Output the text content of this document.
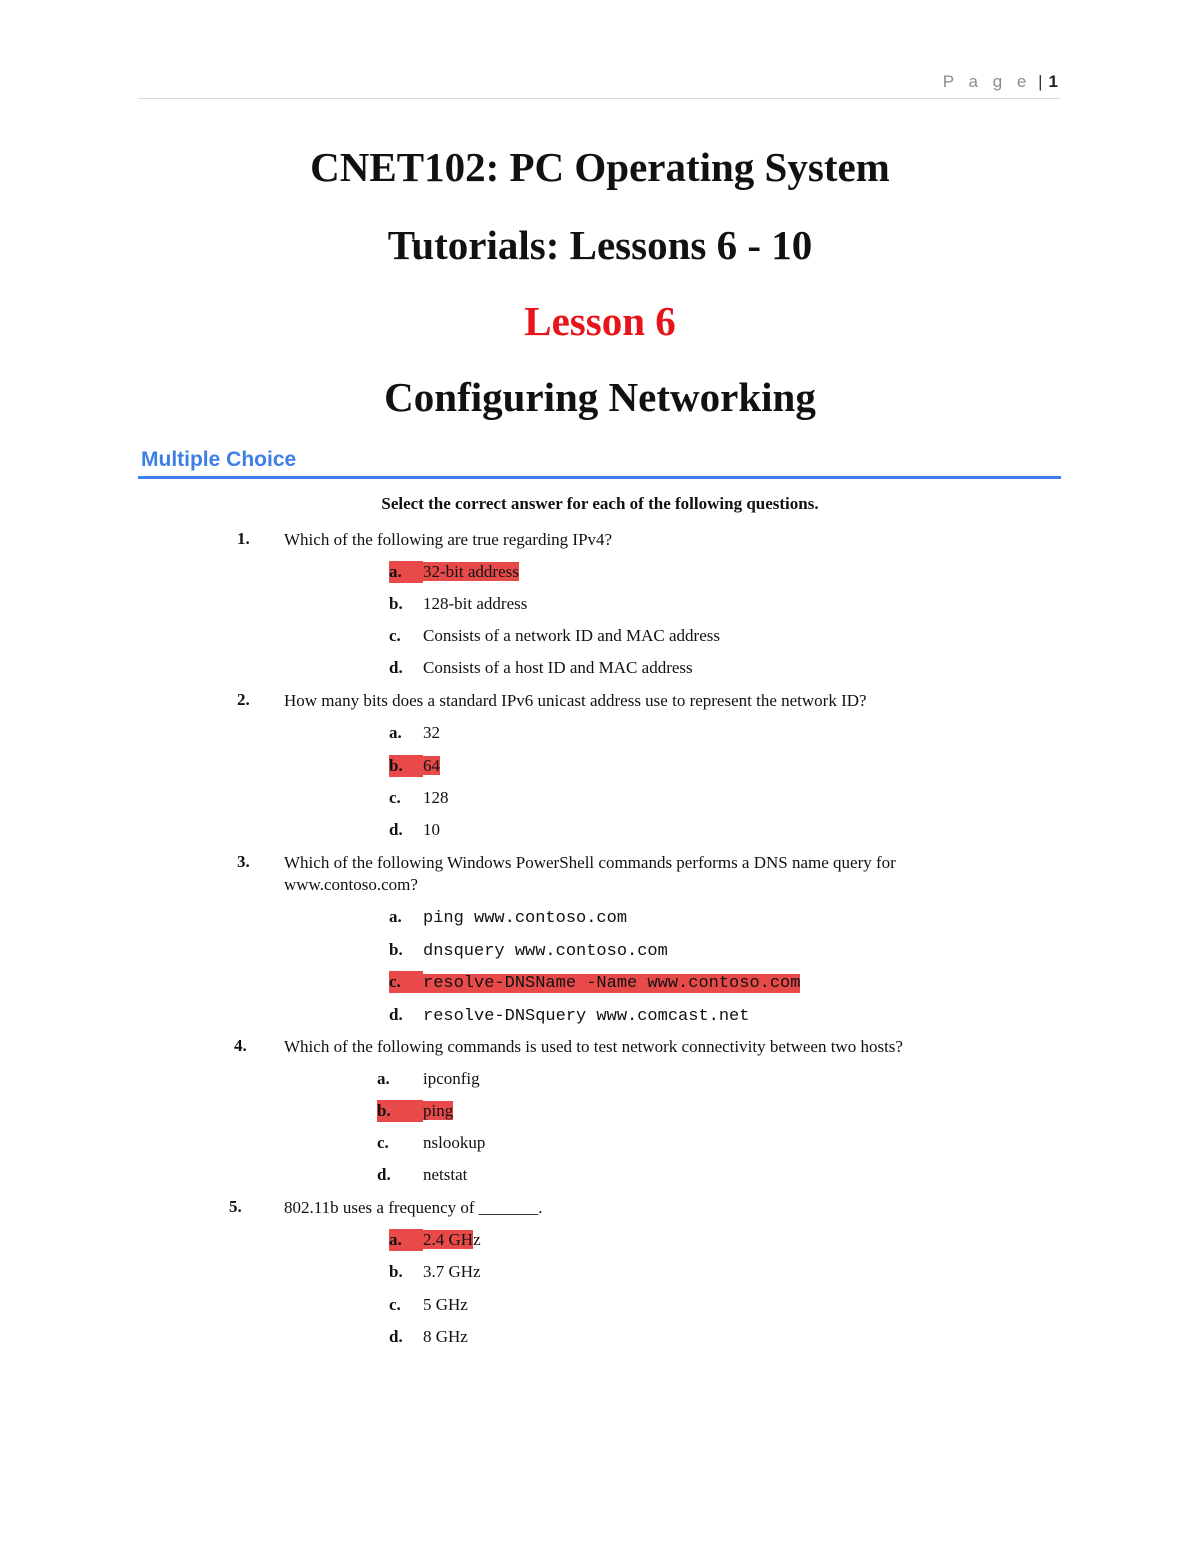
P a g e | 1
CNET102: PC Operating System
Tutorials: Lessons 6 - 10
Lesson 6
Configuring Networking
Multiple Choice
Select the correct answer for each of the following questions.
1.	Which of the following are true regarding IPv4?
a. 32-bit address
b. 128-bit address
c. Consists of a network ID and MAC address
d. Consists of a host ID and MAC address
2.	How many bits does a standard IPv6 unicast address use to represent the network ID?
a. 32
b. 64
c. 128
d. 10
3.	Which of the following Windows PowerShell commands performs a DNS name query for www.contoso.com?
a. ping www.contoso.com
b. dnsquery www.contoso.com
c. resolve-DNSName -Name www.contoso.com
d. resolve-DNSquery www.comcast.net
4.	Which of the following commands is used to test network connectivity between two hosts?
a. ipconfig
b. ping
c. nslookup
d. netstat
5.	802.11b uses a frequency of _______.
a. 2.4 GHz
b. 3.7 GHz
c. 5 GHz
d. 8 GHz
